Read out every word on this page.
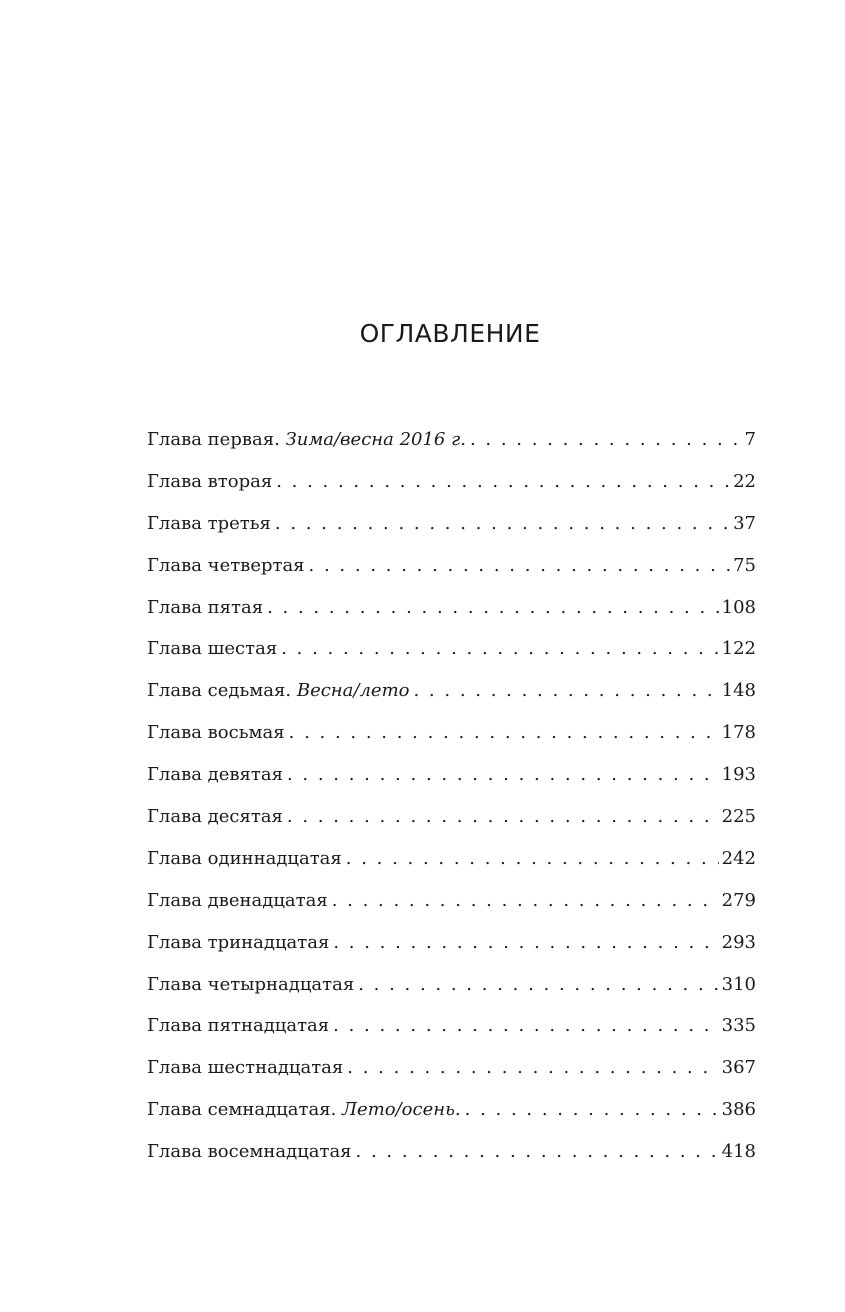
ОГЛАВЛЕНИЕ
Глава первая. Зима/весна 2016 г. . . .	7
Глава вторая . . .	22
Глава третья . . .	37
Глава четвертая . . .	75
Глава пятая . . .	108
Глава шестая . . .	122
Глава седьмая. Весна/лето . . .	148
Глава восьмая . . .	178
Глава девятая . . .	193
Глава десятая . . .	225
Глава одиннадцатая . . .	242
Глава двенадцатая . . .	279
Глава тринадцатая . . .	293
Глава четырнадцатая . . .	310
Глава пятнадцатая . . .	335
Глава шестнадцатая . . .	367
Глава семнадцатая. Лето/осень. . . .	386
Глава восемнадцатая . . .	418
